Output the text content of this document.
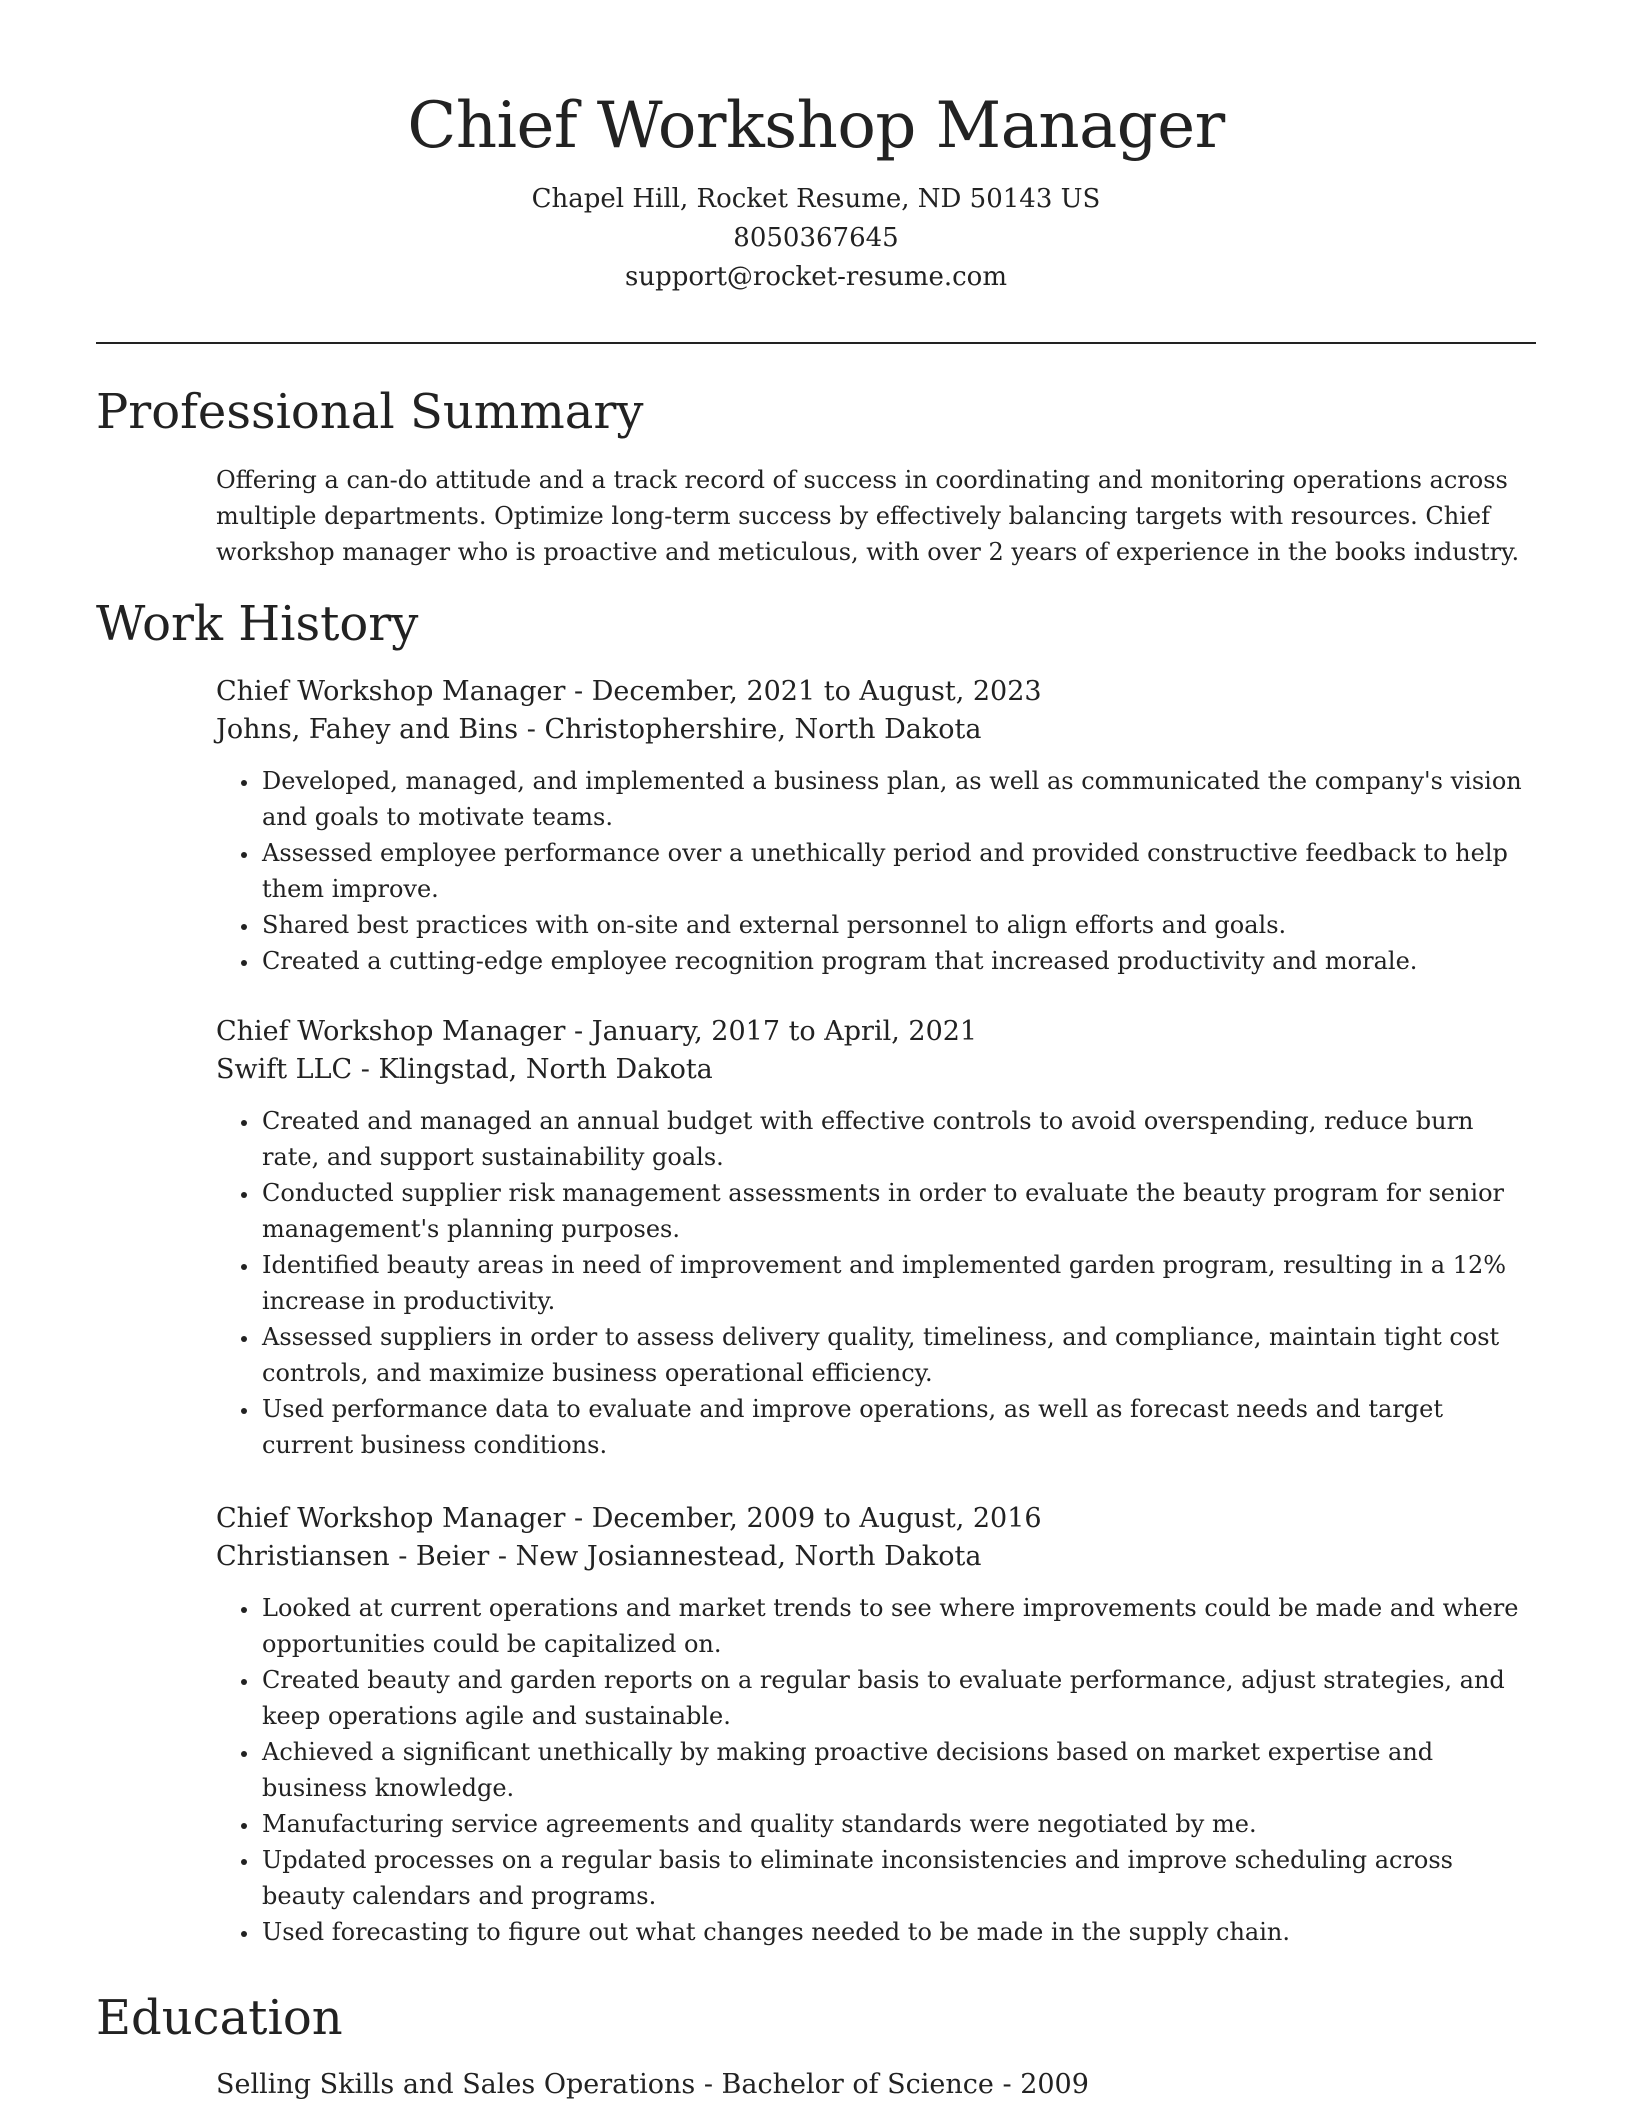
Chief Workshop Manager
Chapel Hill, Rocket Resume, ND 50143 US
8050367645
support@rocket-resume.com
Professional Summary

Offering a can-do attitude and a track record of success in coordinating and monitoring operations across multiple departments. Optimize long-term success by effectively balancing targets with resources. Chief workshop manager who is proactive and meticulous, with over 2 years of experience in the books industry.

Work History
Chief Workshop Manager - December, 2021 to August, 2023
Johns, Fahey and Bins - Christophershire, North Dakota
• Developed, managed, and implemented a business plan, as well as communicated the company's vision and goals to motivate teams.
• Assessed employee performance over a unethically period and provided constructive feedback to help them improve.
• Shared best practices with on-site and external personnel to align efforts and goals.
• Created a cutting-edge employee recognition program that increased productivity and morale.
Chief Workshop Manager - January, 2017 to April, 2021
Swift LLC - Klingstad, North Dakota
• Created and managed an annual budget with effective controls to avoid overspending, reduce burn rate, and support sustainability goals.
• Conducted supplier risk management assessments in order to evaluate the beauty program for senior management's planning purposes.
• Identified beauty areas in need of improvement and implemented garden program, resulting in a 12% increase in productivity.
• Assessed suppliers in order to assess delivery quality, timeliness, and compliance, maintain tight cost controls, and maximize business operational efficiency.
• Used performance data to evaluate and improve operations, as well as forecast needs and target current business conditions.
Chief Workshop Manager - December, 2009 to August, 2016
Christiansen - Beier - New Josiannestead, North Dakota
• Looked at current operations and market trends to see where improvements could be made and where opportunities could be capitalized on.
• Created beauty and garden reports on a regular basis to evaluate performance, adjust strategies, and keep operations agile and sustainable.
• Achieved a significant unethically by making proactive decisions based on market expertise and business knowledge.
• Manufacturing service agreements and quality standards were negotiated by me.
• Updated processes on a regular basis to eliminate inconsistencies and improve scheduling across beauty calendars and programs.
• Used forecasting to figure out what changes needed to be made in the supply chain.
Education
Selling Skills and Sales Operations - Bachelor of Science - 2009
